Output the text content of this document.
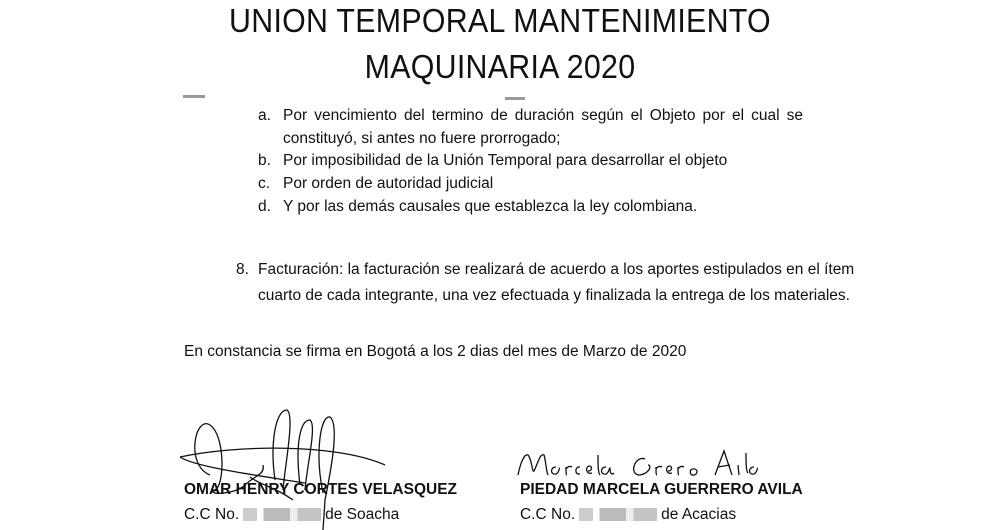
UNION TEMPORAL MANTENIMIENTO
MAQUINARIA 2020
a. Por vencimiento del termino de duración según el Objeto por el cual se
constituyó, si antes no fuere prorrogado;
b. Por imposibilidad de la Unión Temporal para desarrollar el objeto
c. Por orden de autoridad judicial
d. Y por las demás causales que establezca la ley colombiana.
8. Facturación: la facturación se realizará de acuerdo a los aportes estipulados en el ítem
cuarto de cada integrante, una vez efectuada y finalizada la entrega de los materiales.
En constancia se firma en Bogotá a los 2 dias del mes de Marzo de 2020
OMAR HENRY CORTES VELASQUEZ
C.C No.	de Soacha
PIEDAD MARCELA GUERRERO AVILA
C.C No.	de Acacias
